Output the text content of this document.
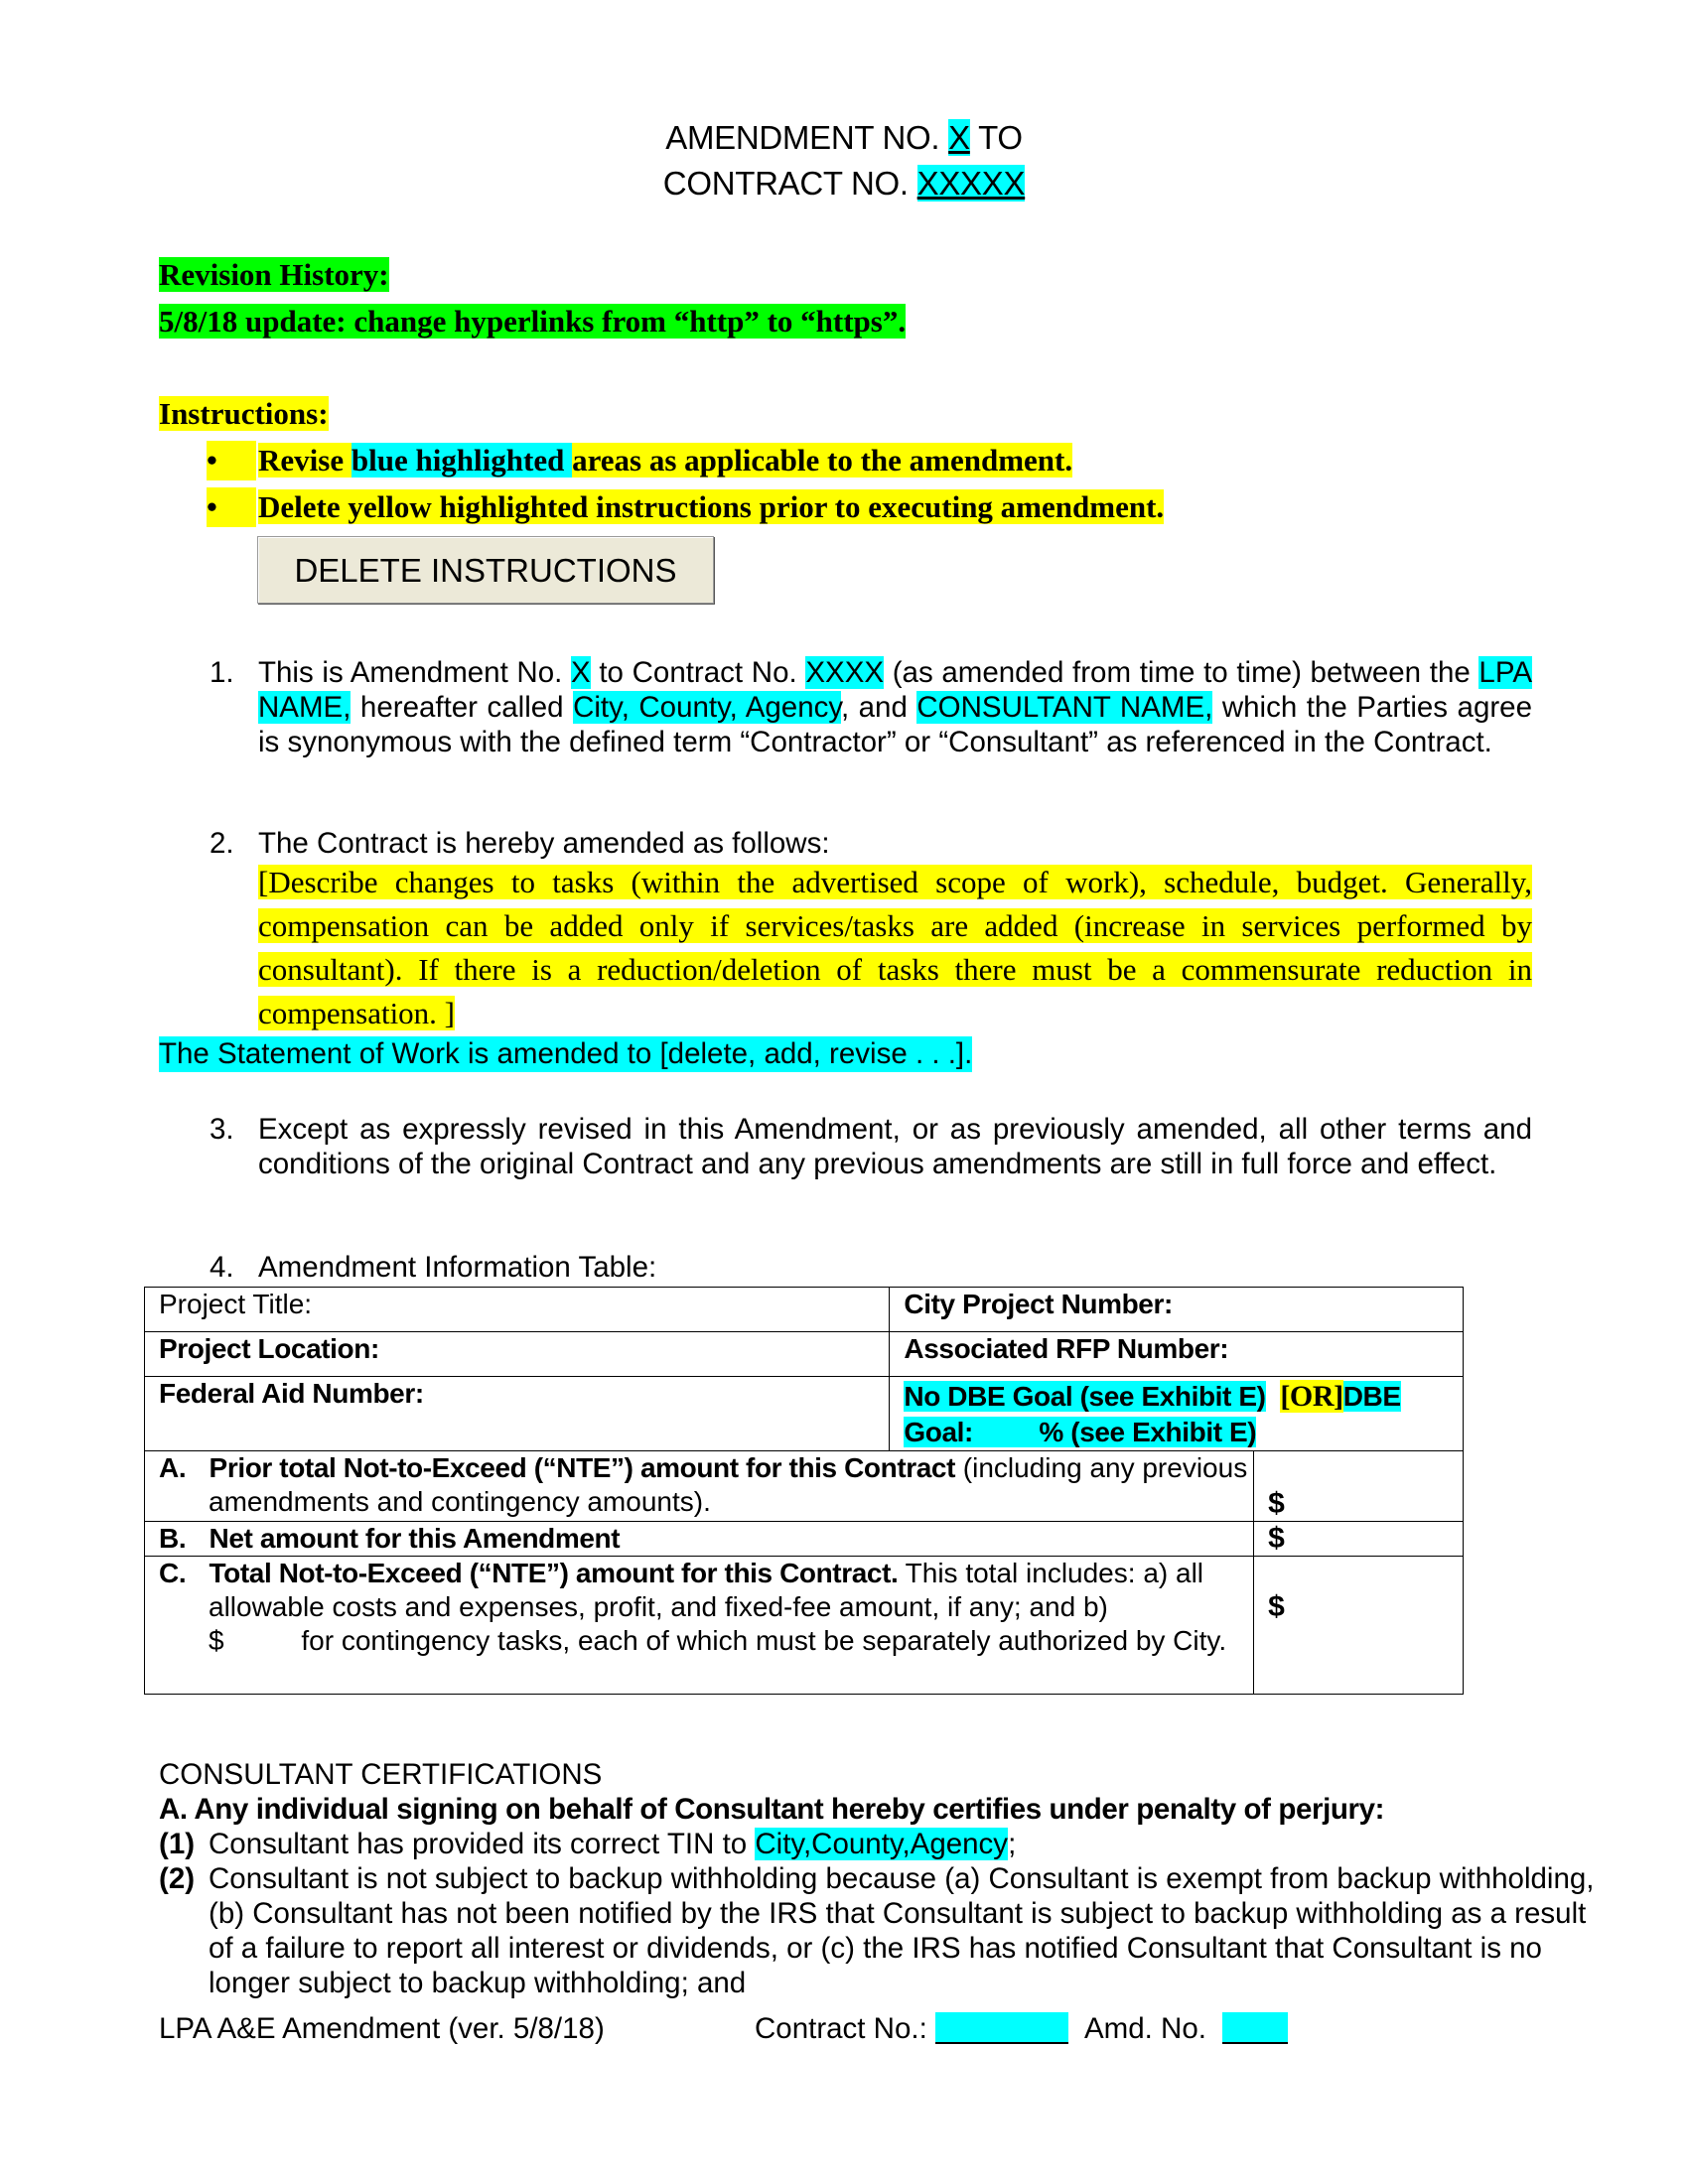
AMENDMENT NO. X TO
CONTRACT NO. XXXXX
Revision History:
5/8/18 update: change hyperlinks from “http” to “https”.
Instructions:
•	Revise blue highlighted areas as applicable to the amendment.
•	Delete yellow highlighted instructions prior to executing amendment.
DELETE INSTRUCTIONS
1. This is Amendment No. X to Contract No. XXXX (as amended from time to time) between the LPA NAME, hereafter called City, County, Agency, and CONSULTANT NAME, which the Parties agree is synonymous with the defined term “Contractor” or “Consultant” as referenced in the Contract.
2. The Contract is hereby amended as follows:
[Describe changes to tasks (within the advertised scope of work), schedule, budget. Generally, compensation can be added only if services/tasks are added (increase in services performed by consultant). If there is a reduction/deletion of tasks there must be a commensurate reduction in compensation. ]
The Statement of Work is amended to [delete, add, revise . . .].
3. Except as expressly revised in this Amendment, or as previously amended, all other terms and conditions of the original Contract and any previous amendments are still in full force and effect.
4. Amendment Information Table:
Project Title:	City Project Number:	
Project Location:	Associated RFP Number:	
Federal Aid Number:	No DBE Goal (see Exhibit E) [OR]DBE Goal: % (see Exhibit E)	

A. Prior total Not-to-Exceed (“NTE”) amount for this Contract (including any previous amendments and contingency amounts).		$

B. Net amount for this Amendment		$

C. Total Not-to-Exceed (“NTE”) amount for this Contract. This total includes: a) all allowable costs and expenses, profit, and fixed-fee amount, if any; and b)
$ for contingency tasks, each of which must be separately authorized by City.		$
CONSULTANT CERTIFICATIONS
A. Any individual signing on behalf of Consultant hereby certifies under penalty of perjury:
(1) Consultant has provided its correct TIN to City,County,Agency;
(2) Consultant is not subject to backup withholding because (a) Consultant is exempt from backup withholding, (b) Consultant has not been notified by the IRS that Consultant is subject to backup withholding as a result of a failure to report all interest or dividends, or (c) the IRS has notified Consultant that Consultant is no longer subject to backup withholding; and
LPA A&E Amendment (ver. 5/8/18)	Contract No.:	Amd. No.
